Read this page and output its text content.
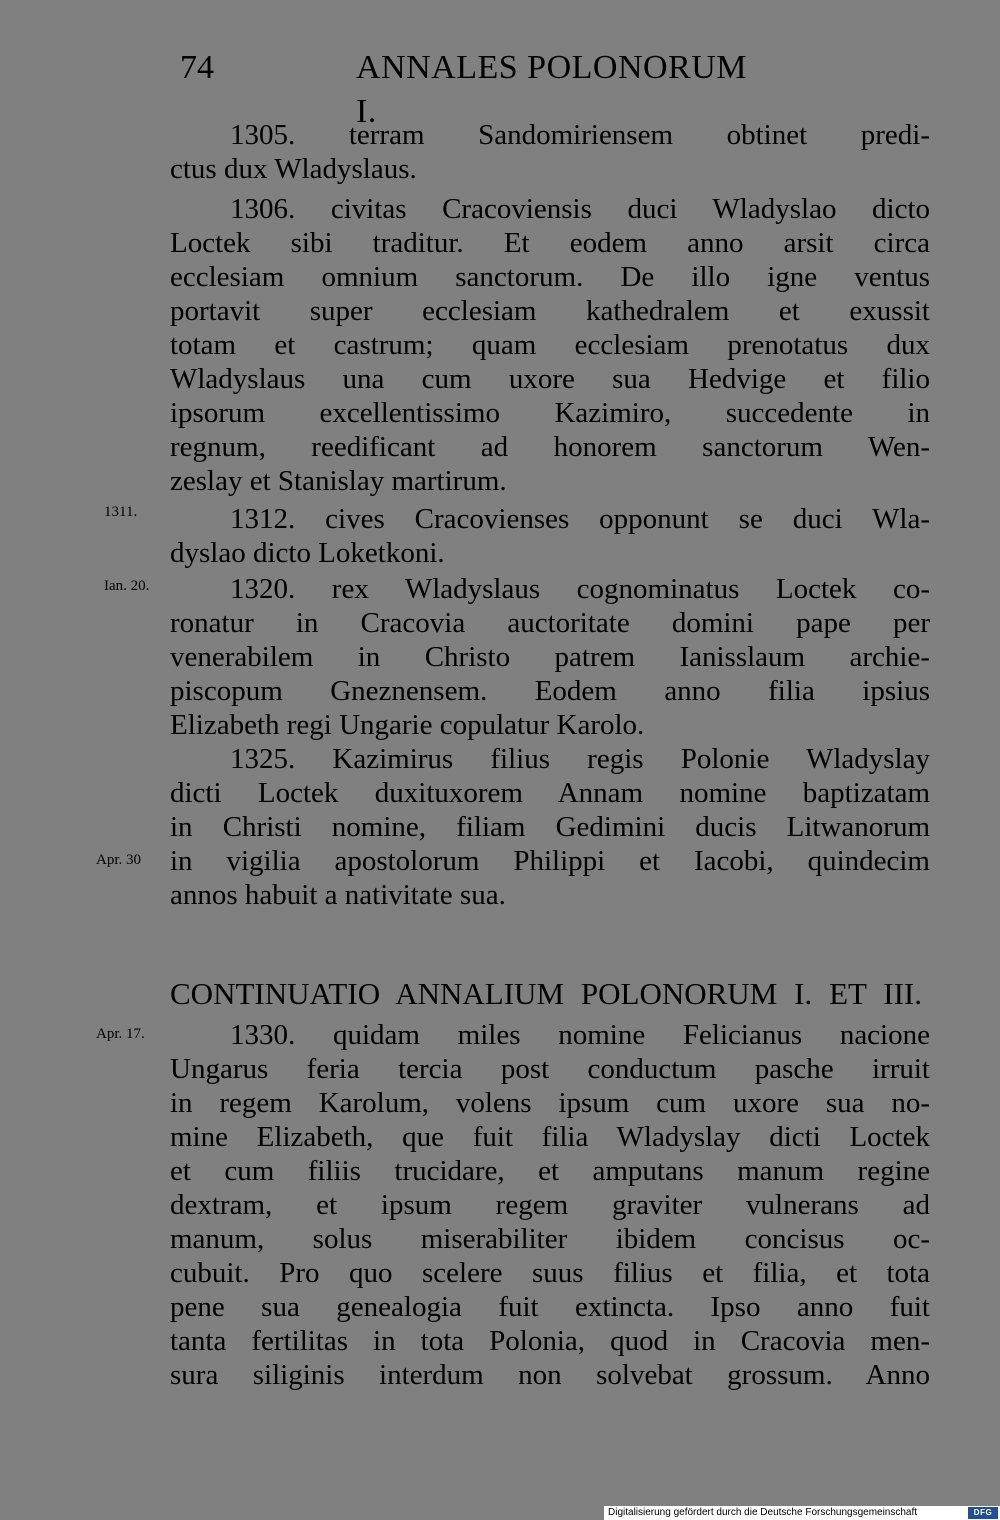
74	ANNALES POLONORUM I.
1311.
Ian. 20.
Apr. 30
Apr. 17.
1305. terram Sandomiriensem obtinet predi-
ctus dux Wladyslaus.
1306. civitas Cracoviensis duci Wladyslao dicto
Loctek sibi traditur. Et eodem anno arsit circa
ecclesiam omnium sanctorum. De illo igne ventus
portavit super ecclesiam kathedralem et exussit
totam et castrum; quam ecclesiam prenotatus dux
Wladyslaus una cum uxore sua Hedvige et filio
ipsorum excellentissimo Kazimiro, succedente in
regnum, reedificant ad honorem sanctorum Wen-
zeslay et Stanislay martirum.
1312. cives Cracovienses opponunt se duci Wla-
dyslao dicto Loketkoni.
1320. rex Wladyslaus cognominatus Loctek co-
ronatur in Cracovia auctoritate domini pape per
venerabilem in Christo patrem Ianisslaum archie-
piscopum Gneznensem. Eodem anno filia ipsius
Elizabeth regi Ungarie copulatur Karolo.
1325. Kazimirus filius regis Polonie Wladyslay
dicti Loctek duxituxorem Annam nomine baptizatam
in Christi nomine, filiam Gedimini ducis Litwanorum
in vigilia apostolorum Philippi et Iacobi, quindecim
annos habuit a nativitate sua.
CONTINUATIO ANNALIUM POLONORUM I. ET III.
1330. quidam miles nomine Felicianus nacione
Ungarus feria tercia post conductum pasche irruit
in regem Karolum, volens ipsum cum uxore sua no-
mine Elizabeth, que fuit filia Wladyslay dicti Loctek
et cum filiis trucidare, et amputans manum regine
dextram, et ipsum regem graviter vulnerans ad
manum, solus miserabiliter ibidem concisus oc-
cubuit. Pro quo scelere suus filius et filia, et tota
pene sua genealogia fuit extincta. Ipso anno fuit
tanta fertilitas in tota Polonia, quod in Cracovia men-
sura siliginis interdum non solvebat grossum. Anno
Digitalisierung gefördert durch die Deutsche Forschungsgemeinschaft	DFG
